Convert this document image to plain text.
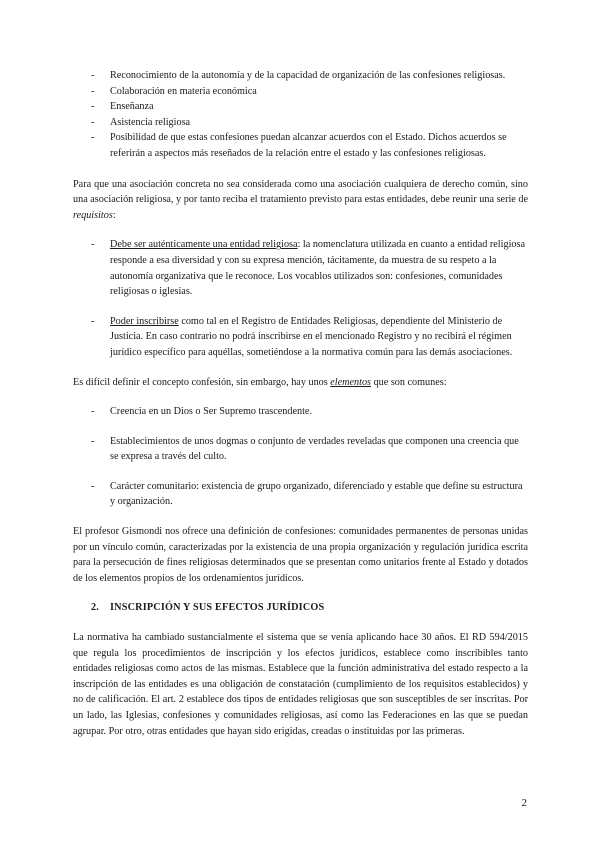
- Reconocimiento de la autonomía y de la capacidad de organización de las confesiones religiosas.
- Colaboración en materia económica
- Enseñanza
- Asistencia religiosa
- Posibilidad de que estas confesiones puedan alcanzar acuerdos con el Estado. Dichos acuerdos se referirán a aspectos más reseñados de la relación entre el estado y las confesiones religiosas.

Para que una asociación concreta no sea considerada como una asociación cualquiera de derecho común, sino una asociación religiosa, y por tanto reciba el tratamiento previsto para estas entidades, debe reunir una serie de requisitos:

- Debe ser auténticamente una entidad religiosa: la nomenclatura utilizada en cuanto a entidad religiosa responde a esa diversidad y con su expresa mención, tácitamente, da muestra de su respeto a la autonomía organizativa que le reconoce. Los vocablos utilizados son: confesiones, comunidades religiosas o iglesias.
- Poder inscribirse como tal en el Registro de Entidades Religiosas, dependiente del Ministerio de Justicia. En caso contrario no podrá inscribirse en el mencionado Registro y no recibirá el régimen jurídico específico para aquéllas, sometiéndose a la normativa común para las demás asociaciones.

Es difícil definir el concepto confesión, sin embargo, hay unos elementos que son comunes:

- Creencia en un Dios o Ser Supremo trascendente.
- Establecimientos de unos dogmas o conjunto de verdades reveladas que componen una creencia que se expresa a través del culto.
- Carácter comunitario: existencia de grupo organizado, diferenciado y estable que define su estructura y organización.

El profesor Gismondi nos ofrece una definición de confesiones: comunidades permanentes de personas unidas por un vínculo común, caracterizadas por la existencia de una propia organización y regulación jurídica escrita para la persecución de fines religiosas determinados que se presentan como unitarios frente al Estado y dotados de los elementos propios de los ordenamientos jurídicos.

2. INSCRIPCIÓN Y SUS EFECTOS JURÍDICOS

La normativa ha cambiado sustancialmente el sistema que se venía aplicando hace 30 años. El RD 594/2015 que regula los procedimientos de inscripción y los efectos jurídicos, establece como inscribibles tanto entidades religiosas como actos de las mismas. Establece que la función administrativa del estado respecto a la inscripción de las entidades es una obligación de constatación (cumplimiento de los requisitos establecidos) y no de calificación. El art. 2 establece dos tipos de entidades religiosas que son susceptibles de ser inscritas. Por un lado, las Iglesias, confesiones y comunidades religiosas, así como las Federaciones en las que se puedan agrupar. Por otro, otras entidades que hayan sido erigidas, creadas o instituidas por las primeras.

2
